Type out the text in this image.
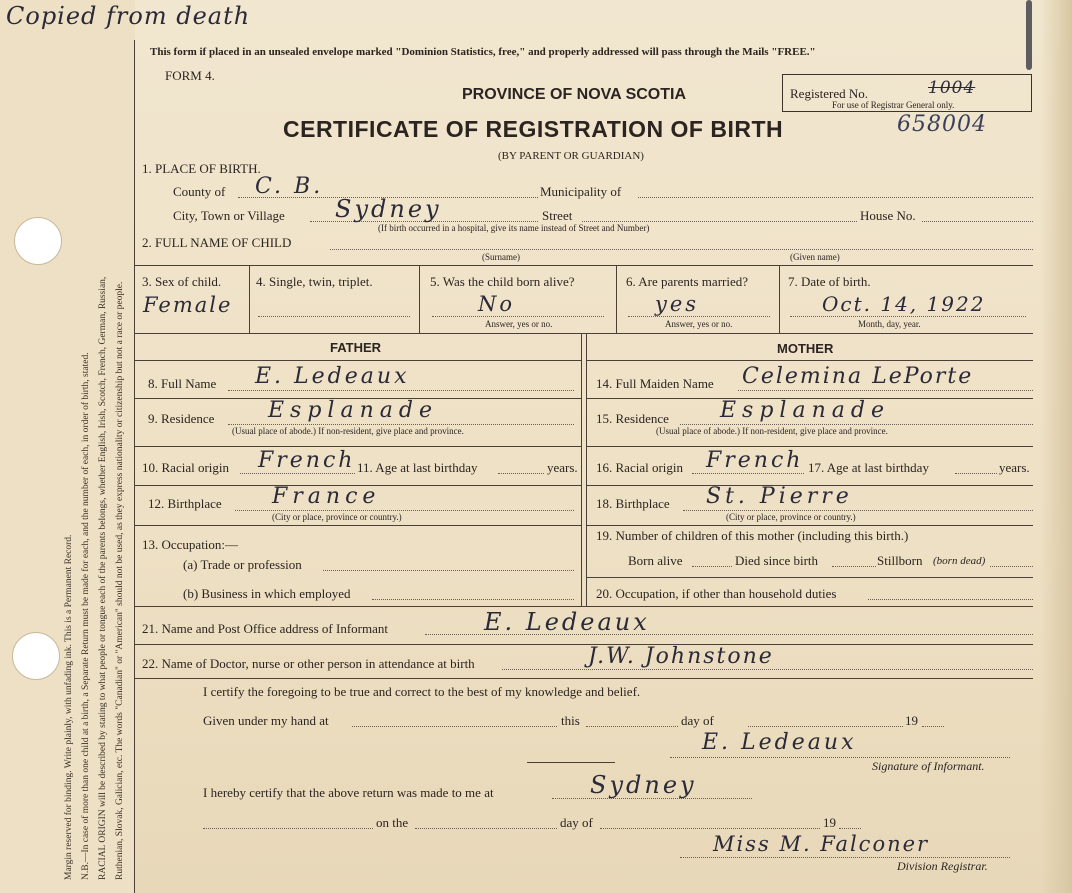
Copied from death
Margin reserved for binding. Write plainly, with unfading ink. This is a Permanent Record. N.B.—In case of more than one child at a birth, a Separate Return must be made for each, and the number of each, in order of birth, stated. RACIAL ORIGIN will be described by stating to what people or tongue each of the parents belongs, whether English, Irish, Scotch, French, German, Russian, Ruthenian, Slovak, Galician, etc. The words "Canadian" or "American" should not be used, as they express nationality or citizenship but not a race or people.
This form if placed in an unsealed envelope marked "Dominion Statistics, free," and properly addressed will pass through the Mails "FREE."
FORM 4.
PROVINCE OF NOVA SCOTIA	Registered No.	1004
For use of Registrar General only.
CERTIFICATE OF REGISTRATION OF BIRTH	658004
(BY PARENT OR GUARDIAN)
1. PLACE OF BIRTH.
County of C. B.	Municipality of
City, Town or Village Sydney	Street	House No.
(If birth occurred in a hospital, give its name instead of Street and Number)
2. FULL NAME OF CHILD
(Surname)	(Given name)
3. Sex of child.
Female
4. Single, twin, triplet.	5. Was the child born alive?
No
Answer, yes or no.
6. Are parents married?
yes
Answer, yes or no.
7. Date of birth.
Oct. 14, 1922
Month, day, year.
FATHER	MOTHER
8. Full Name E. Ledeaux
9. Residence Esplanade
(Usual place of abode.) If non-resident, give place and province.
10. Racial origin French 11. Age at last birthday	years.
12. Birthplace France
(City or place, province or country.)
13. Occupation:—
(a) Trade or profession
(b) Business in which employed
14. Full Maiden Name Celemina LePorte
15. Residence Esplanade
(Usual place of abode.) If non-resident, give place and province.
16. Racial origin French 17. Age at last birthday	years.
18. Birthplace St. Pierre
(City or place, province or country.)
19. Number of children of this mother (including this birth.)
Born alive	Died since birth	Stillborn (born dead)
20. Occupation, if other than household duties
21. Name and Post Office address of Informant	E. Ledeaux
22. Name of Doctor, nurse or other person in attendance at birth	J.W. Johnstone
I certify the foregoing to be true and correct to the best of my knowledge and belief.
Given under my hand at	this	day of	19
E. Ledeaux
Signature of Informant.
I hereby certify that the above return was made to me at	Sydney
on the	day of	19
Miss M. Falconer
Division Registrar.
